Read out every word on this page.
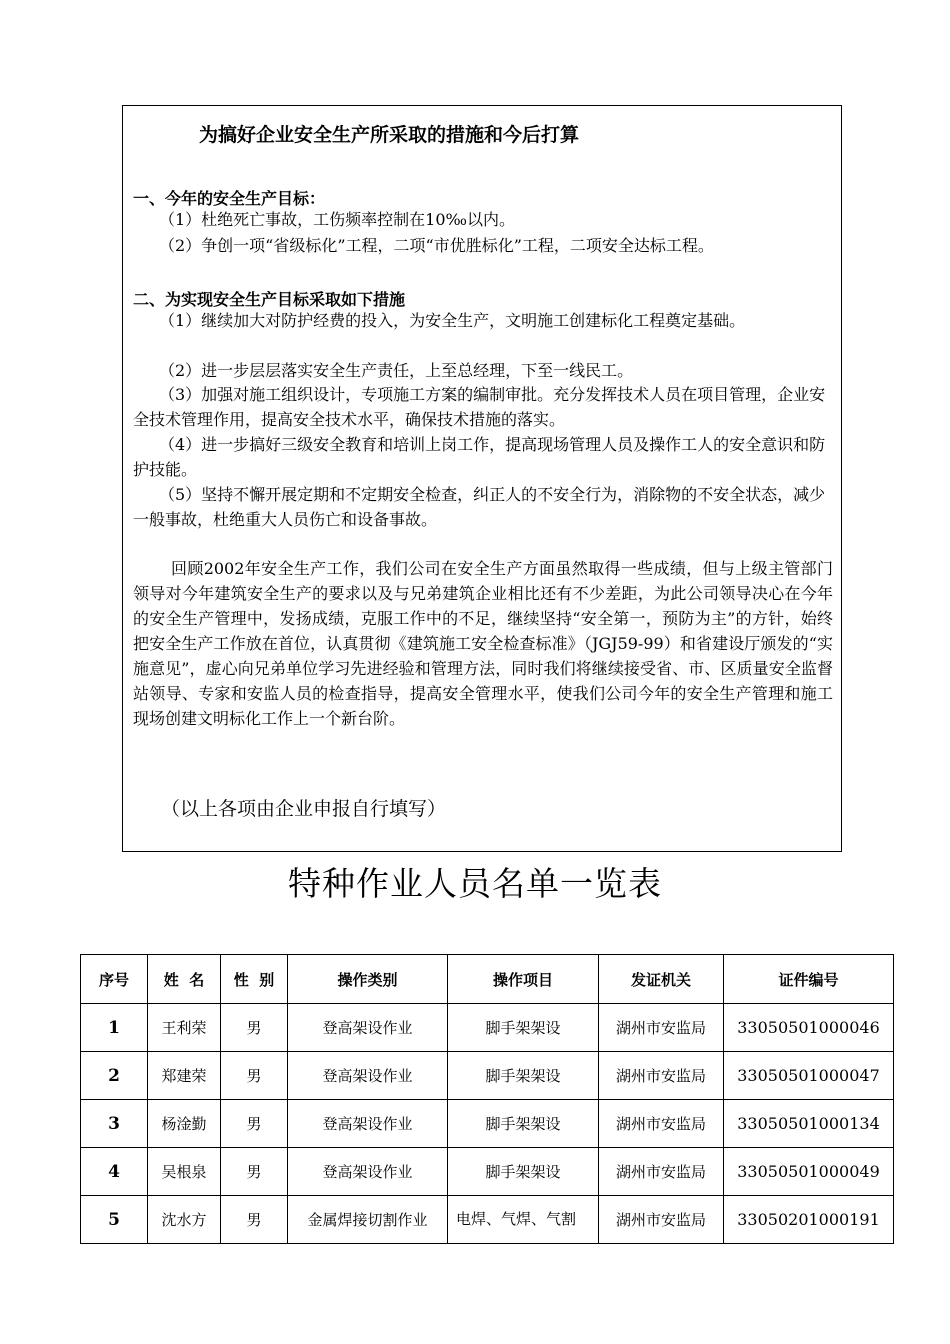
为搞好企业安全生产所采取的措施和今后打算
一、今年的安全生产目标：
（1）杜绝死亡事故，工伤频率控制在10‰以内。
（2）争创一项“省级标化”工程，二项“市优胜标化”工程，二项安全达标工程。
二、为实现安全生产目标采取如下措施
（1）继续加大对防护经费的投入，为安全生产，文明施工创建标化工程奠定基础。
（2）进一步层层落实安全生产责任，上至总经理，下至一线民工。
（3）加强对施工组织设计，专项施工方案的编制审批。充分发挥技术人员在项目管理，企业安全技术管理作用，提高安全技术水平，确保技术措施的落实。
（4）进一步搞好三级安全教育和培训上岗工作，提高现场管理人员及操作工人的安全意识和防护技能。
（5）坚持不懈开展定期和不定期安全检查，纠正人的不安全行为，消除物的不安全状态，减少一般事故，杜绝重大人员伤亡和设备事故。
回顾2002年安全生产工作，我们公司在安全生产方面虽然取得一些成绩，但与上级主管部门领导对今年建筑安全生产的要求以及与兄弟建筑企业相比还有不少差距，为此公司领导决心在今年的安全生产管理中，发扬成绩，克服工作中的不足，继续坚持“安全第一，预防为主”的方针，始终把安全生产工作放在首位，认真贯彻《建筑施工安全检查标准》（JGJ59-99）和省建设厅颁发的“实施意见”，虚心向兄弟单位学习先进经验和管理方法，同时我们将继续接受省、市、区质量安全监督站领导、专家和安监人员的检查指导，提高安全管理水平，使我们公司今年的安全生产管理和施工现场创建文明标化工作上一个新台阶。
（以上各项由企业申报自行填写）
特种作业人员名单一览表
序号	姓  名	性  别	操作类别	操作项目	发证机关	证件编号
1	王利荣	男	登高架设作业	脚手架架设	湖州市安监局	33050501000046
2	郑建荣	男	登高架设作业	脚手架架设	湖州市安监局	33050501000047
3	杨淦勤	男	登高架设作业	脚手架架设	湖州市安监局	33050501000134
4	吴根泉	男	登高架设作业	脚手架架设	湖州市安监局	33050501000049
5	沈水方	男	金属焊接切割作业	电焊、气焊、气割	湖州市安监局	33050201000191
